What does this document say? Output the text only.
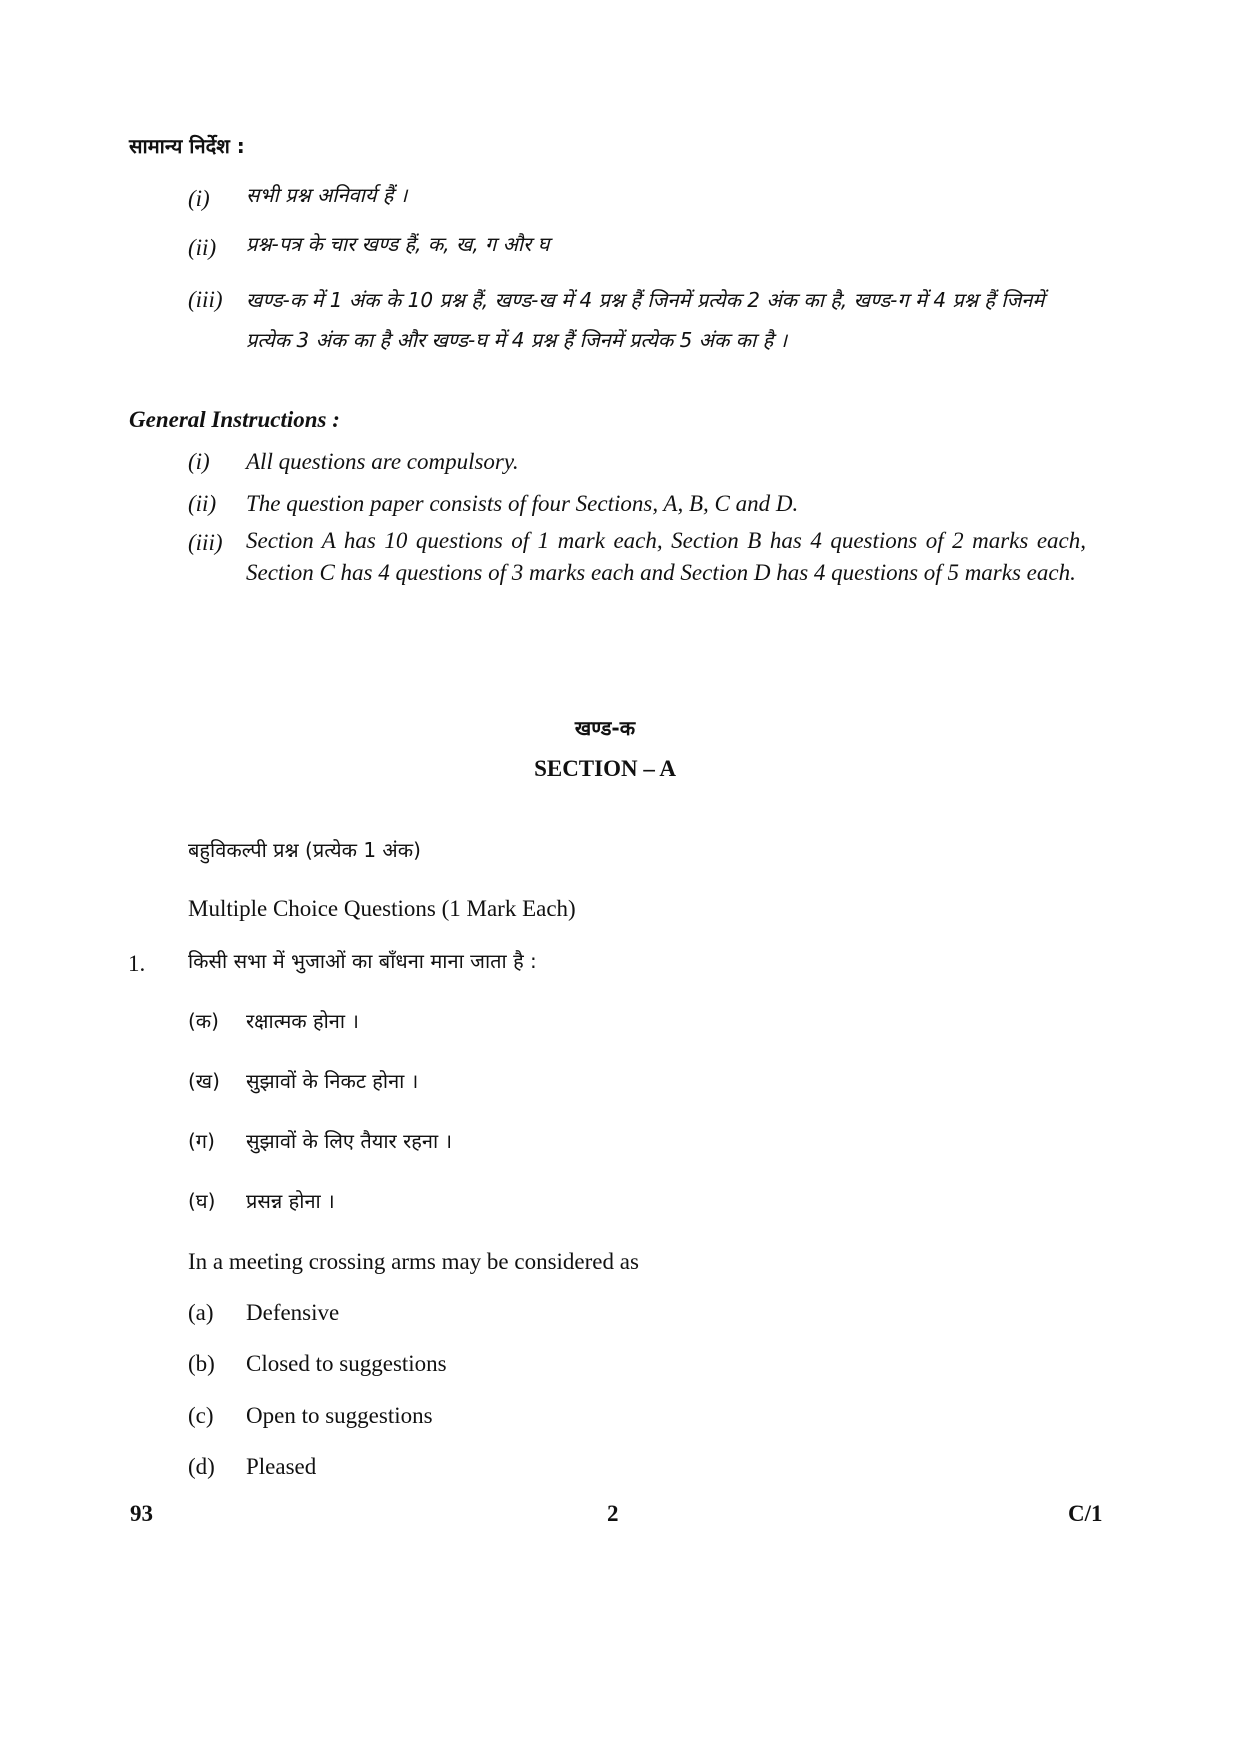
सामान्य निर्देश :
(i) सभी प्रश्न अनिवार्य हैं ।
(ii) प्रश्न-पत्र के चार खण्ड हैं, क, ख, ग और घ
(iii) खण्ड-क में 1 अंक के 10 प्रश्न हैं, खण्ड-ख में 4 प्रश्न हैं जिनमें प्रत्येक 2 अंक का है, खण्ड-ग में 4 प्रश्न हैं जिनमें प्रत्येक 3 अंक का है और खण्ड-घ में 4 प्रश्न हैं जिनमें प्रत्येक 5 अंक का है ।
General Instructions :
(i) All questions are compulsory.
(ii) The question paper consists of four Sections, A, B, C and D.
(iii) Section A has 10 questions of 1 mark each, Section B has 4 questions of 2 marks each, Section C has 4 questions of 3 marks each and Section D has 4 questions of 5 marks each.
खण्ड-क
SECTION – A
बहुविकल्पी प्रश्न (प्रत्येक 1 अंक)
Multiple Choice Questions (1 Mark Each)
1. किसी सभा में भुजाओं का बाँधना माना जाता है :
(क) रक्षात्मक होना ।
(ख) सुझावों के निकट होना ।
(ग) सुझावों के लिए तैयार रहना ।
(घ) प्रसन्न होना ।
In a meeting crossing arms may be considered as
(a) Defensive
(b) Closed to suggestions
(c) Open to suggestions
(d) Pleased
93	2	C/1
